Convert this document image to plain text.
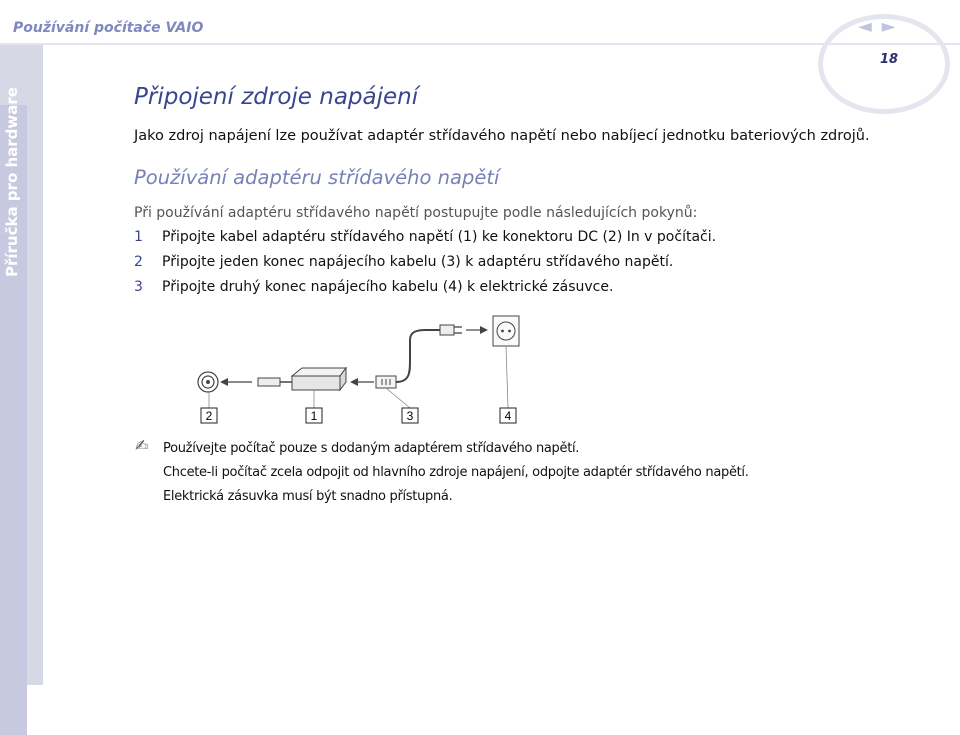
Používání počítače VAIO	◄ ►
18
Příručka pro hardware	Připojení zdroje napájení
Jako zdroj napájení lze používat adaptér střídavého napětí nebo nabíjecí jednotku bateriových zdrojů.
Používání adaptéru střídavého napětí
Při používání adaptéru střídavého napětí postupujte podle následujících pokynů:
1 Připojte kabel adaptéru střídavého napětí (1) ke konektoru DC (2) In v počítači.
2 Připojte jeden konec napájecího kabelu (3) k adaptéru střídavého napětí.
3 Připojte druhý konec napájecího kabelu (4) k elektrické zásuvce.
2	1	3	4
✍ Používejte počítač pouze s dodaným adaptérem střídavého napětí.
Chcete-li počítač zcela odpojit od hlavního zdroje napájení, odpojte adaptér střídavého napětí.
Elektrická zásuvka musí být snadno přístupná.
